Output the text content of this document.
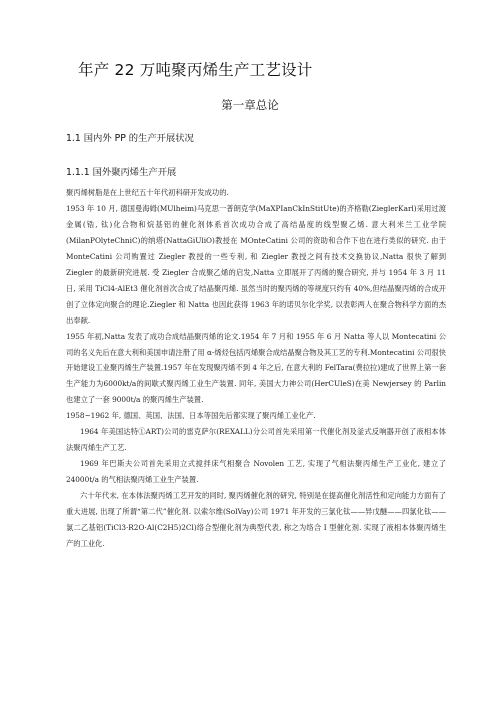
年产 22 万吨聚丙烯生产工艺设计
第一章总论
1.1 国内外 PP 的生产开展状况
1.1.1 国外聚丙烯生产开展

聚丙烯树脂是在上世纪五十年代初科研开发成功的.

1953 年 10 月, 德国曼海姆(MUlheim)马克思一普朗克学(MaXPIanCkInStitUte)的齐格勒(ZieglerKarl)采用过渡金属(锆, 钛)化合物和烷基铝的催化剂体系首次成功合成了高结晶度的线型聚乙烯. 意大利米兰工业学院(MilanPOlyteChniC)的纳塔(NattaGiUliO)教授在 MOnteCatini 公司的资助和合作下也在进行类似的研究. 由于 MonteCatini 公司购置过 Ziegler 教授的一些专利, 和 Ziegler 教授之间有技术交换协议,Natta 很快了解到 Ziegler 的最新研究进展. 受 Ziegler 合成聚乙烯的启发,Natta 立即展开了丙烯的聚合研究, 并与 1954 年 3 月 11 日, 采用 TiCl4-AlEt3 催化剂首次合成了结晶聚丙烯. 虽然当时的聚丙烯的等规度只约有 40%,但结晶聚丙烯的合成开创了立体定向聚合的理论.Ziegler 和 Natta 也因此获得 1963 年的诺贝尔化学奖, 以表彰两人在聚合物科学方面的杰出奉献.

1955 年初,Natta 发表了成功合成结晶聚丙烯的论文.1954 年 7 月和 1955 年 6 月 Natta 等人以 Montecatini 公司的名义先后在意大利和美国申请注册了用 α-烯烃包括丙烯聚合成结晶聚合物及其工艺的专利.Montecatini 公司很快开始建设工业聚丙烯生产装置.1957 年在发现聚丙烯不到 4 年之后, 在意大利的 FelTara(费拉拉)建成了世界上第一套生产能力为6000kt/a的间歇式聚丙烯工业生产装置. 同年, 美国大力神公司(HerCUleS)在美 Newjersey 的 Parlin 也建立了一套 9000t/a 的聚丙烯生产装置.

1958~1962 年, 德国、英国、法国、日本等国先后都实现了聚丙烯工业化产.

1964 年美国达特①ART)公司的雷克萨尔(REXALL)分公司首先采用第一代催化剂及釜式反响器开创了液相本体法聚丙烯生产工艺.

1969 年巴斯夫公司首先采用立式搅拌床气相聚合 Novolen 工艺, 实现了气相法聚丙烯生产工业化, 建立了 24000t/a 的气相法聚丙烯工业生产装置.

六十年代末, 在本体法聚丙烯工艺开发的同时, 聚丙烯催化剂的研究, 特别是在提高催化剂活性和定向能力方面有了重大进展, 出现了所谓“第二代”催化剂. 以索尔维(SolVay)公司 1971 年开发的三氯化钛——异戊醚——四氯化钛——氯二乙基铝(TiCl3·R2O·Al(C2H5)2Cl)络合型催化剂为典型代表, 称之为络合 I 型催化剂. 实现了液相本体聚丙烯生产的工业化.
